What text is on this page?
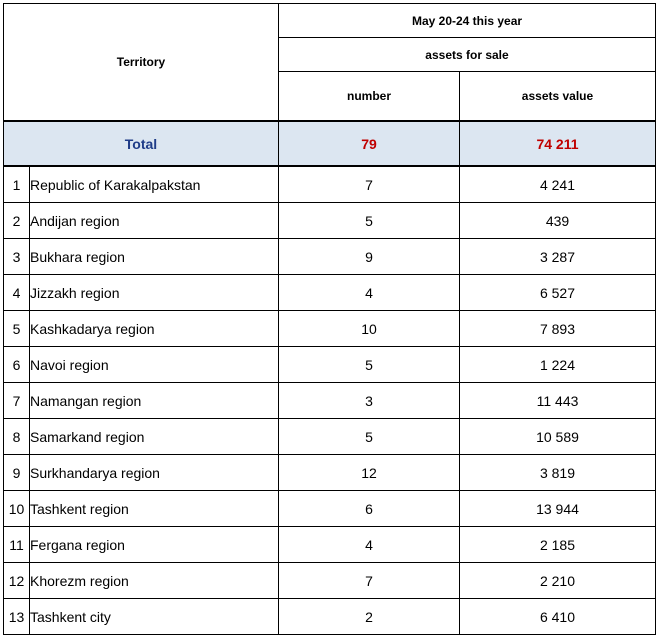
Territory		May 20-24 this year	
		assets for sale	
		number	assets value
Total		79	74 211
1	Republic of Karakalpakstan	7	4 241
2	Andijan region	5	439
3	Bukhara region	9	3 287
4	Jizzakh region	4	6 527
5	Kashkadarya region	10	7 893
6	Navoi region	5	1 224
7	Namangan region	3	11 443
8	Samarkand region	5	10 589
9	Surkhandarya region	12	3 819
10	Tashkent region	6	13 944
11	Fergana region	4	2 185
12	Khorezm region	7	2 210
13	Tashkent city	2	6 410
